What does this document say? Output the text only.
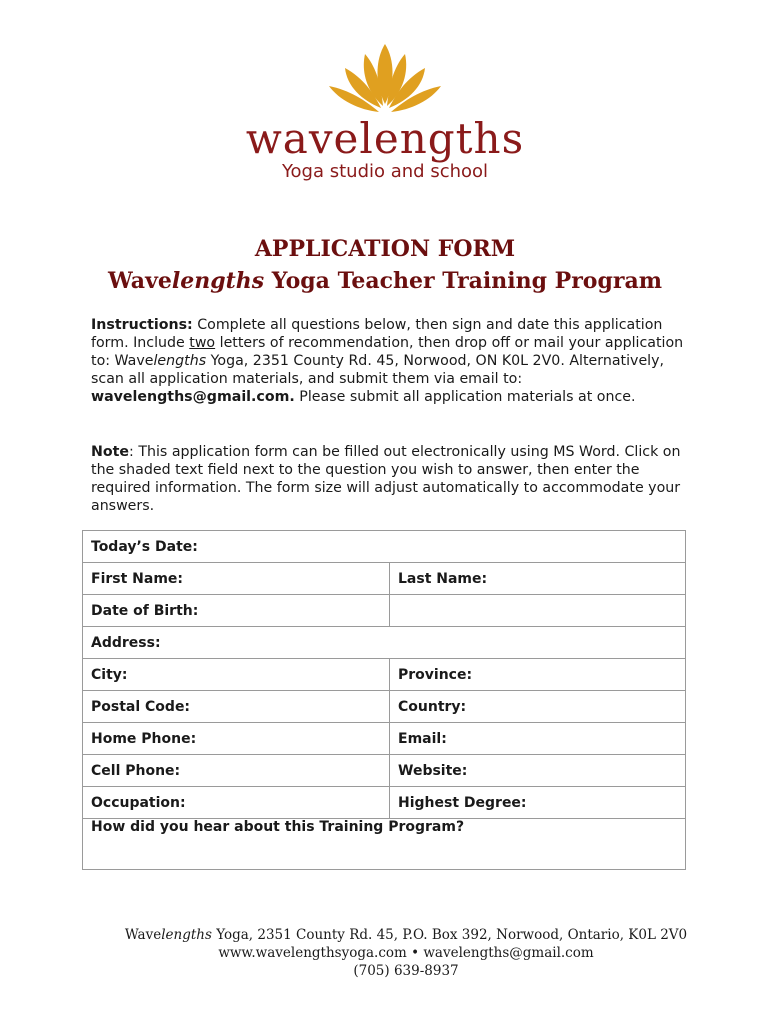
wavelengths
Yoga studio and school
APPLICATION FORM
Wavelengths Yoga Teacher Training Program
Instructions: Complete all questions below, then sign and date this application form. Include two letters of recommendation, then drop off or mail your application to: Wavelengths Yoga, 2351 County Rd. 45, Norwood, ON K0L 2V0. Alternatively, scan all application materials, and submit them via email to: wavelengths@gmail.com. Please submit all application materials at once.
Note: This application form can be filled out electronically using MS Word. Click on the shaded text field next to the question you wish to answer, then enter the required information. The form size will adjust automatically to accommodate your answers.
Today’s Date:	
First Name:	Last Name:
Date of Birth:	
Address:	
City:	Province:
Postal Code:	Country:
Home Phone:	Email:
Cell Phone:	Website:
Occupation:	Highest Degree:
How did you hear about this Training Program?	
Wavelengths Yoga, 2351 County Rd. 45, P.O. Box 392, Norwood, Ontario, K0L 2V0
www.wavelengthsyoga.com • wavelengths@gmail.com
(705) 639-8937
